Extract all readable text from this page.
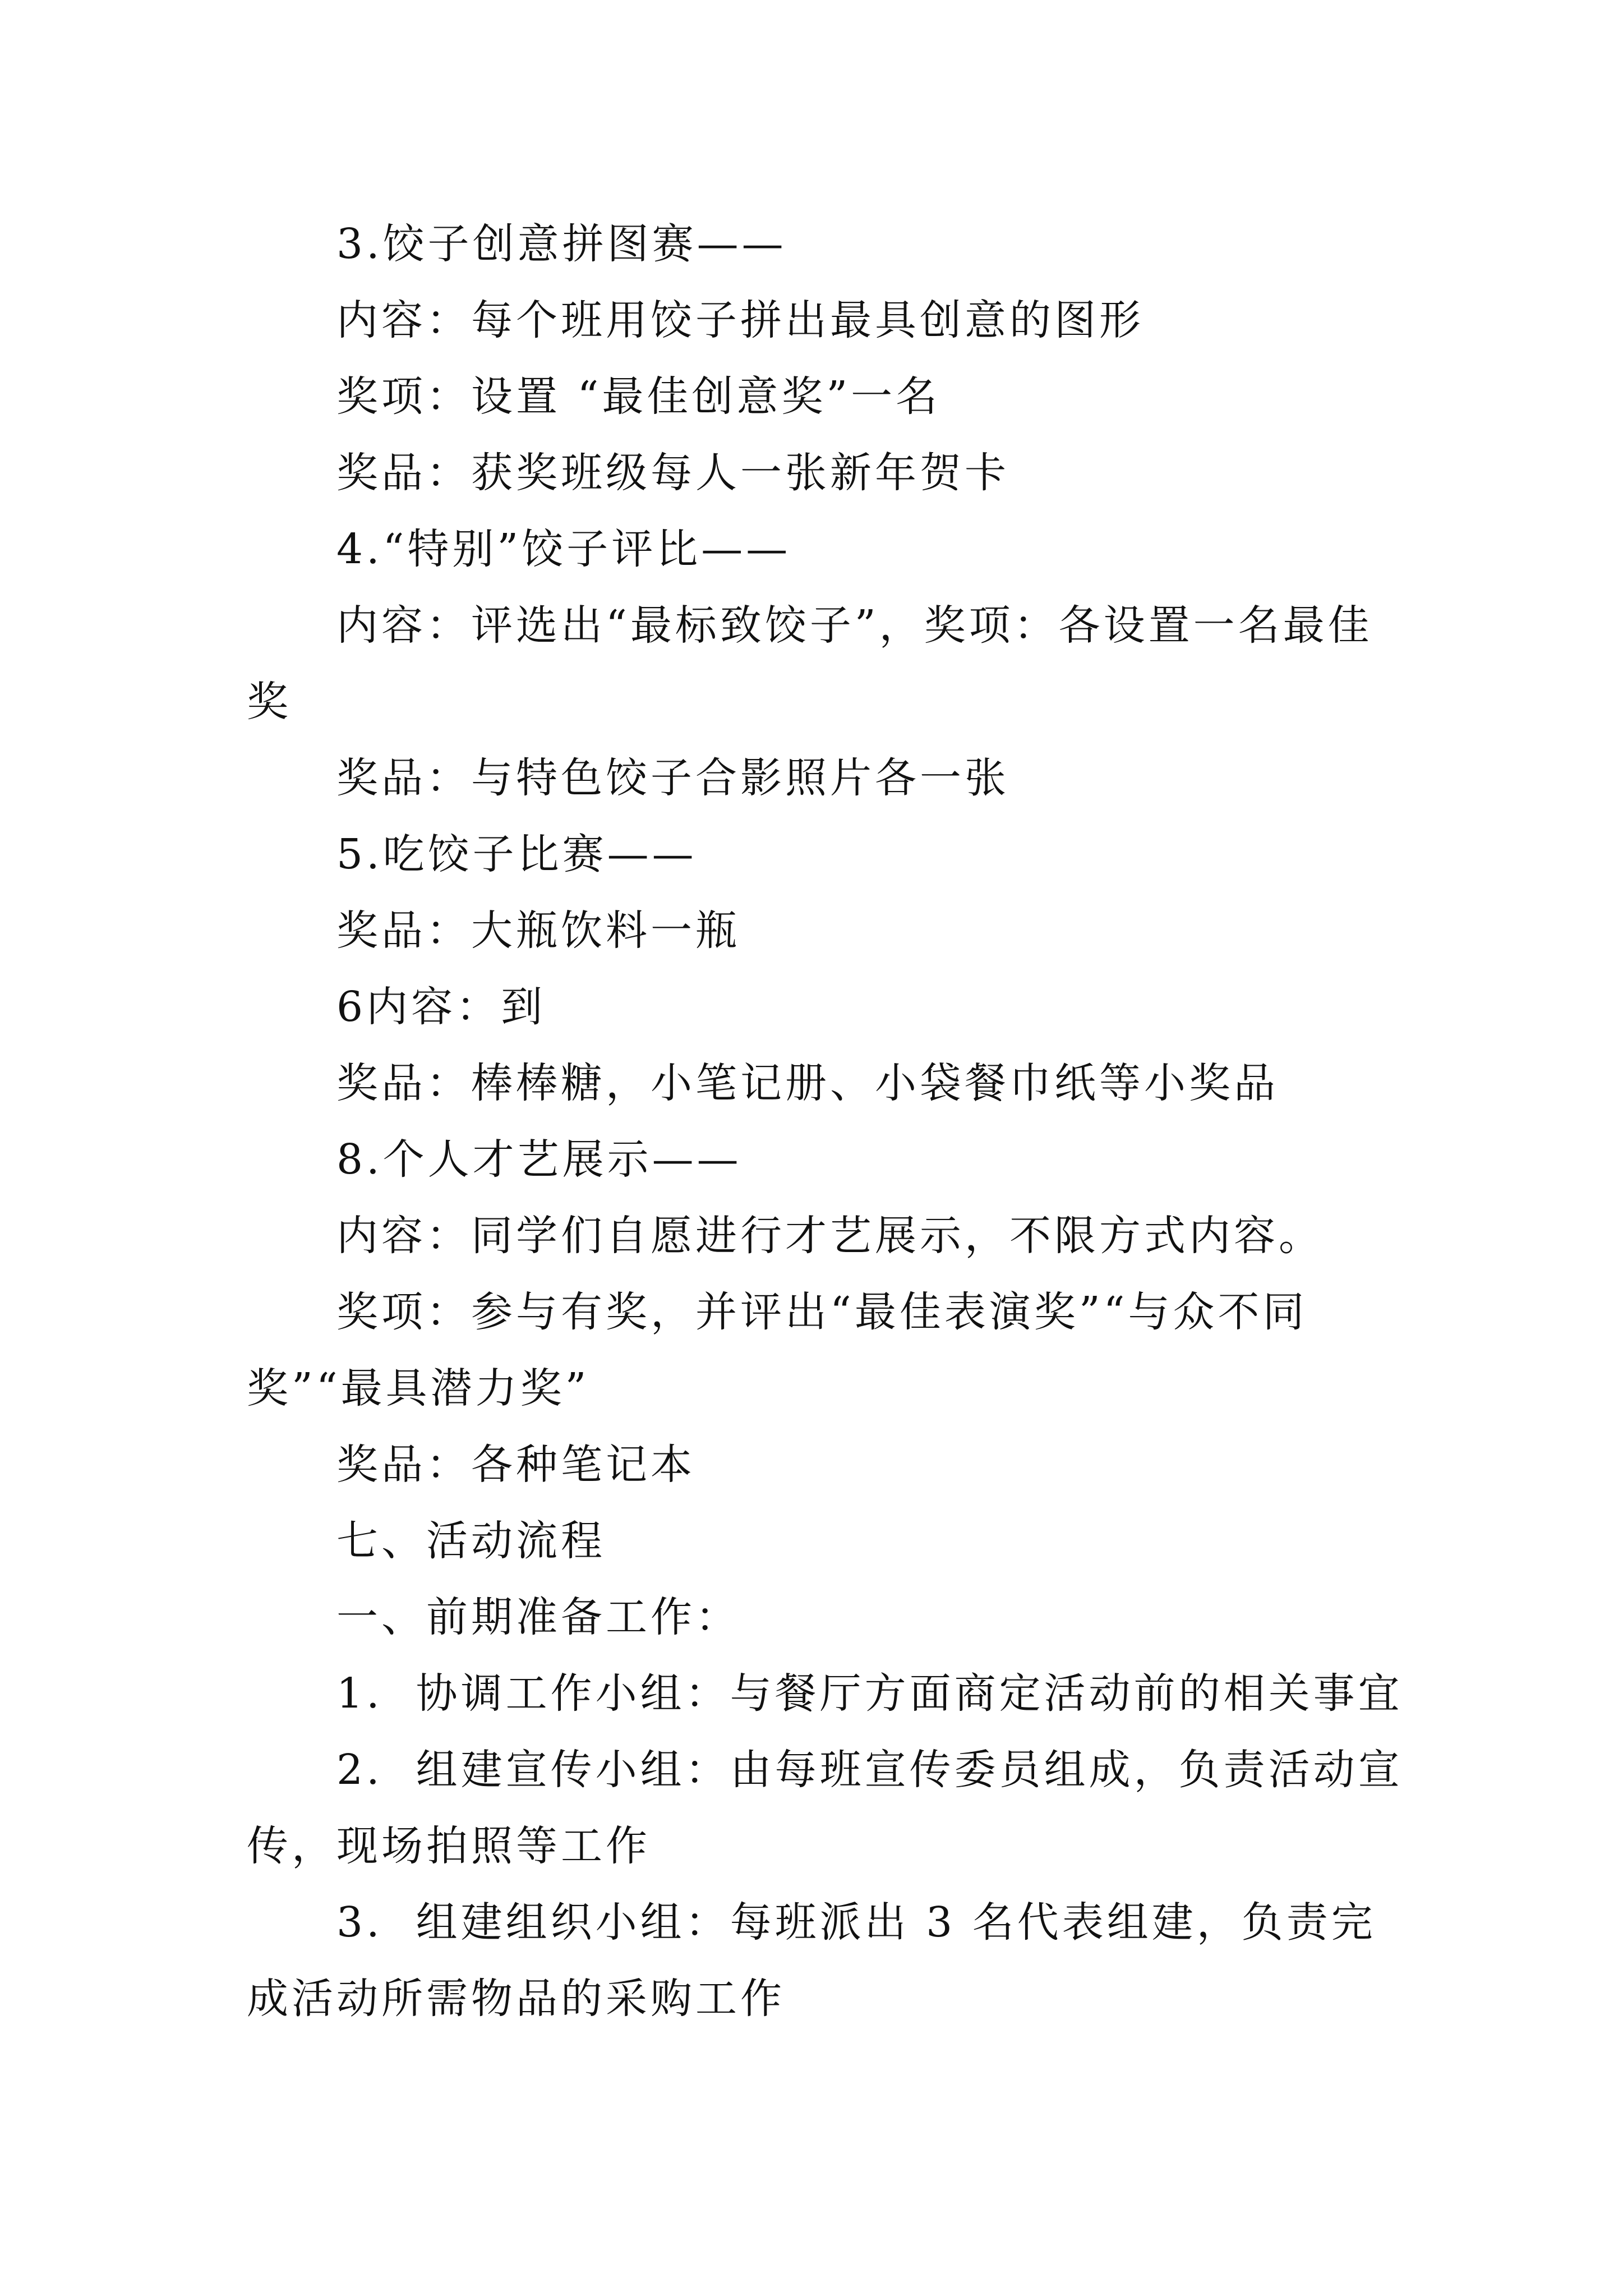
3.饺子创意拼图赛——

内容：每个班用饺子拼出最具创意的图形

奖项：设置 “最佳创意奖”一名

奖品：获奖班级每人一张新年贺卡

4.“特别”饺子评比——

内容：评选出“最标致饺子”，奖项：各设置一名最佳奖

奖品：与特色饺子合影照片各一张

5.吃饺子比赛——

奖品：大瓶饮料一瓶

6内容：到

奖品：棒棒糖，小笔记册、小袋餐巾纸等小奖品

8.个人才艺展示——

内容：同学们自愿进行才艺展示，不限方式内容。

奖项：参与有奖，并评出“最佳表演奖”“与众不同奖”“最具潜力奖”

奖品：各种笔记本

七、活动流程

一、前期准备工作：

1.  协调工作小组：与餐厅方面商定活动前的相关事宜

2.  组建宣传小组：由每班宣传委员组成，负责活动宣传，现场拍照等工作

3.  组建组织小组：每班派出 3 名代表组建，负责完成活动所需物品的采购工作
